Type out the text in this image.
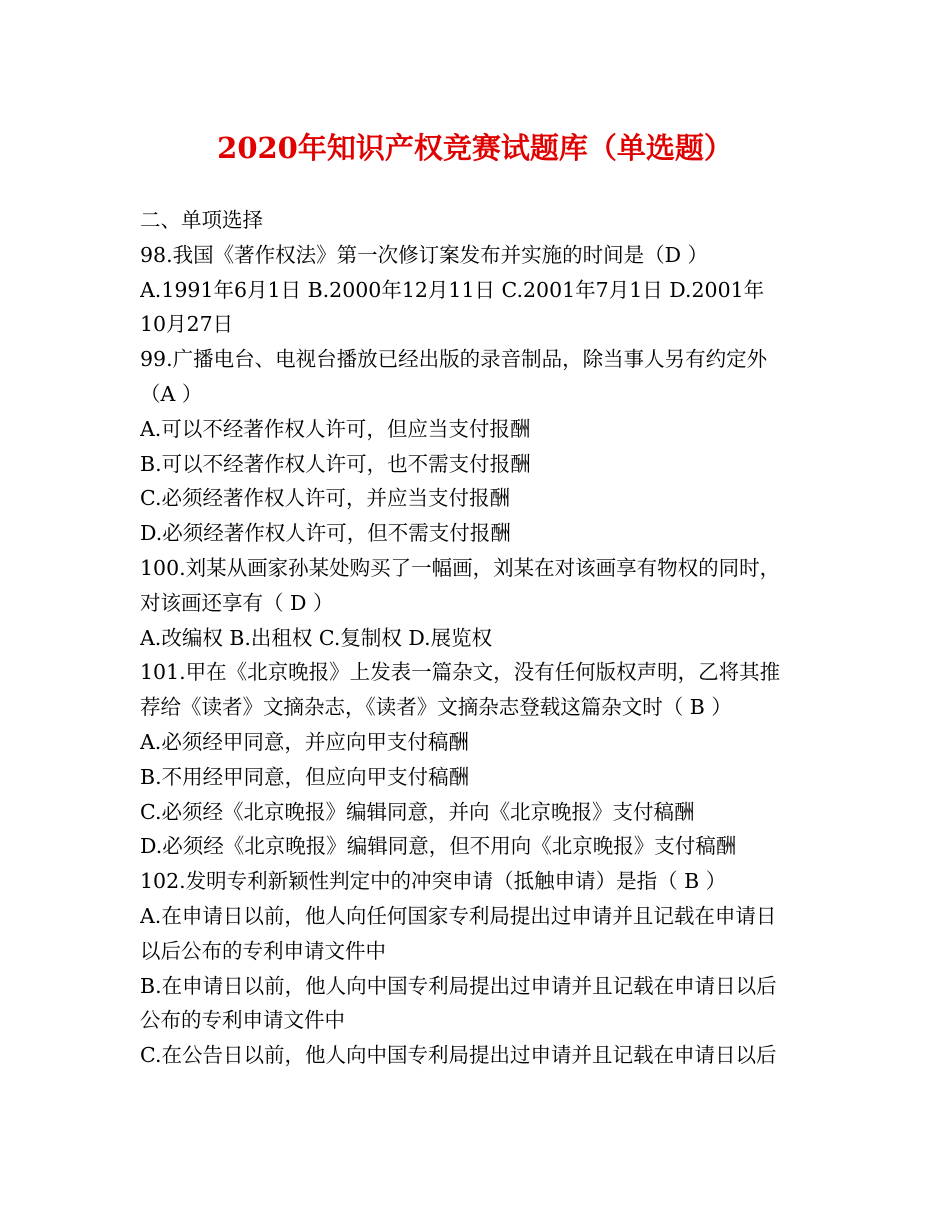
2020年知识产权竞赛试题库（单选题）
二、单项选择
98.我国《著作权法》第一次修订案发布并实施的时间是（D ）
A.1991年6月1日 B.2000年12月11日 C.2001年7月1日 D.2001年
10月27日
99.广播电台、电视台播放已经出版的录音制品，除当事人另有约定外
（A ）
A.可以不经著作权人许可，但应当支付报酬
B.可以不经著作权人许可，也不需支付报酬
C.必须经著作权人许可，并应当支付报酬
D.必须经著作权人许可，但不需支付报酬
100.刘某从画家孙某处购买了一幅画，刘某在对该画享有物权的同时，
对该画还享有（ D ）
A.改编权 B.出租权 C.复制权 D.展览权
101.甲在《北京晚报》上发表一篇杂文，没有任何版权声明，乙将其推
荐给《读者》文摘杂志，《读者》文摘杂志登载这篇杂文时（ B ）
A.必须经甲同意，并应向甲支付稿酬
B.不用经甲同意，但应向甲支付稿酬
C.必须经《北京晚报》编辑同意，并向《北京晚报》支付稿酬
D.必须经《北京晚报》编辑同意，但不用向《北京晚报》支付稿酬
102.发明专利新颖性判定中的冲突申请（抵触申请）是指（ B ）
A.在申请日以前，他人向任何国家专利局提出过申请并且记载在申请日
以后公布的专利申请文件中
B.在申请日以前，他人向中国专利局提出过申请并且记载在申请日以后
公布的专利申请文件中
C.在公告日以前，他人向中国专利局提出过申请并且记载在申请日以后
